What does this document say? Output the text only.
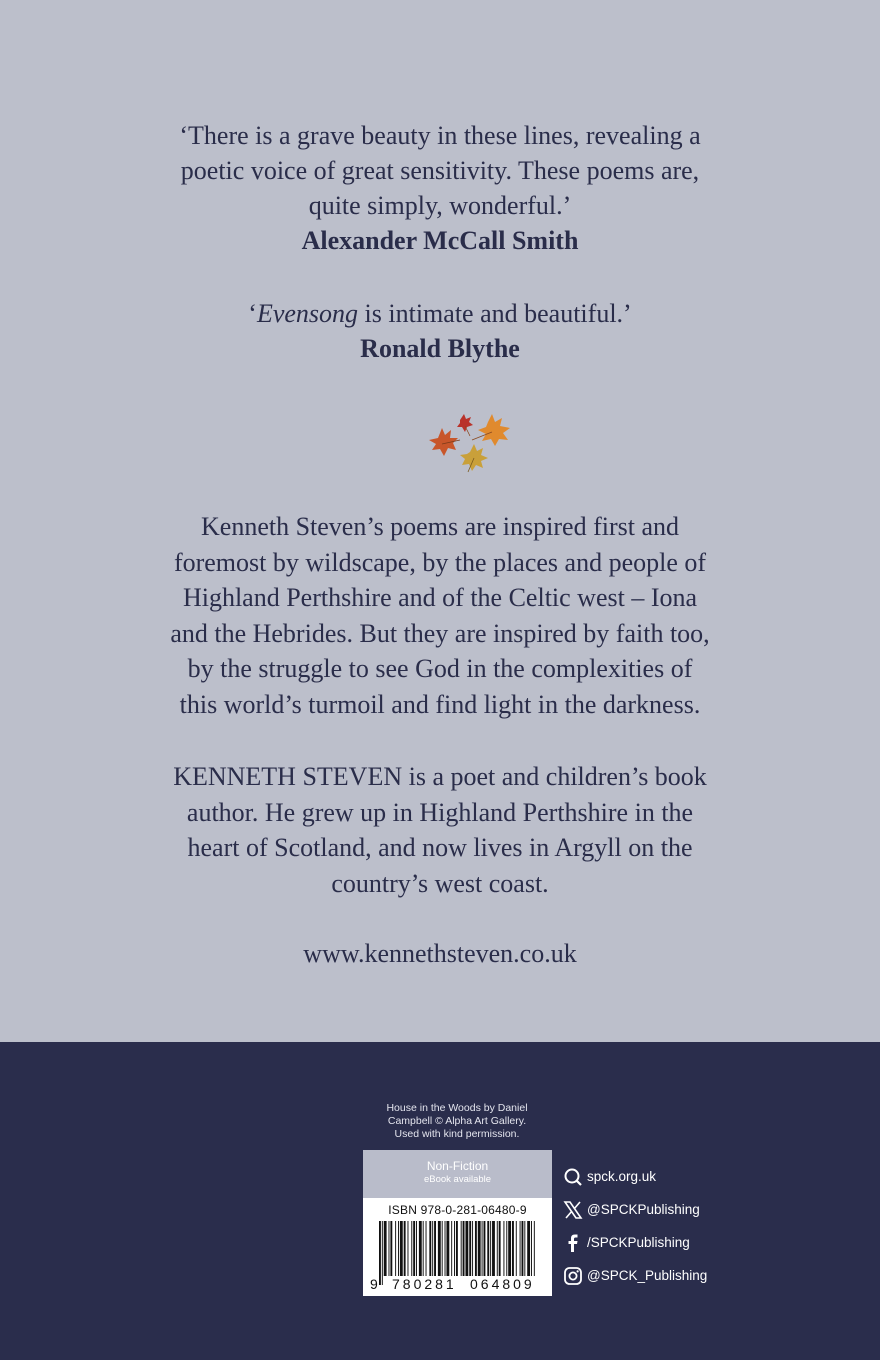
‘There is a grave beauty in these lines, revealing a
poetic voice of great sensitivity. These poems are,
quite simply, wonderful.’
Alexander McCall Smith
‘Evensong is intimate and beautiful.’
Ronald Blythe
Kenneth Steven’s poems are inspired first and
foremost by wildscape, by the places and people of
Highland Perthshire and of the Celtic west – Iona
and the Hebrides. But they are inspired by faith too,
by the struggle to see God in the complexities of
this world’s turmoil and find light in the darkness.
KENNETH STEVEN is a poet and children’s book
author. He grew up in Highland Perthshire in the
heart of Scotland, and now lives in Argyll on the
country’s west coast.
www.kennethsteven.co.uk
House in the Woods by Daniel
Campbell © Alpha Art Gallery.
Used with kind permission.
Non-Fiction
eBook available
ISBN 978-0-281-06480-9
9 780281 064809
spck.org.uk
@SPCKPublishing
/SPCKPublishing
@SPCK_Publishing
